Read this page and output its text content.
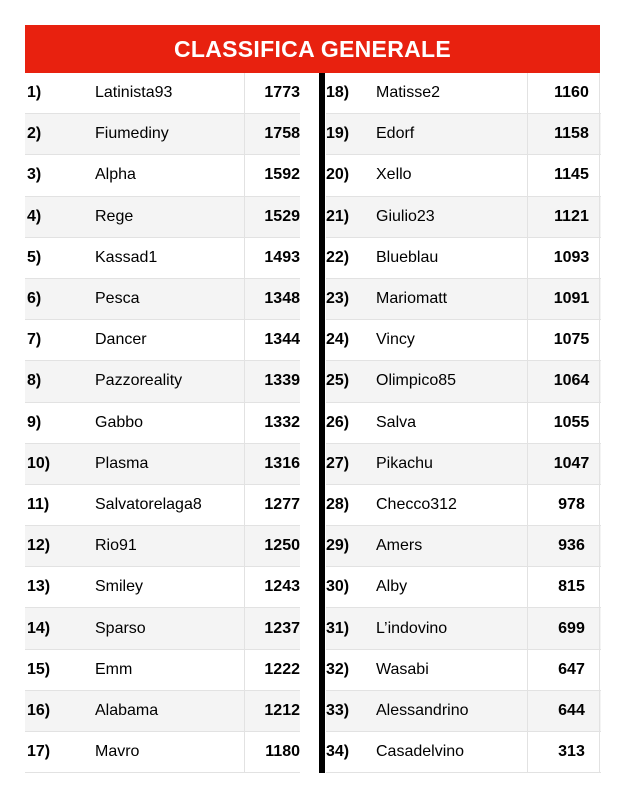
CLASSIFICA GENERALE
1)	Latinista93	1773
2)	Fiumediny	1758
3)	Alpha	1592
4)	Rege	1529
5)	Kassad1	1493
6)	Pesca	1348
7)	Dancer	1344
8)	Pazzoreality	1339
9)	Gabbo	1332
10)	Plasma	1316
11)	Salvatorelaga8	1277
12)	Rio91	1250
13)	Smiley	1243
14)	Sparso	1237
15)	Emm	1222
16)	Alabama	1212
17)	Mavro	1180
18)	Matisse2	1160
19)	Edorf	1158
20)	Xello	1145
21)	Giulio23	1121
22)	Blueblau	1093
23)	Mariomatt	1091
24)	Vincy	1075
25)	Olimpico85	1064
26)	Salva	1055
27)	Pikachu	1047
28)	Checco312	978
29)	Amers	936
30)	Alby	815
31)	L’indovino	699
32)	Wasabi	647
33)	Alessandrino	644
34)	Casadelvino	313
